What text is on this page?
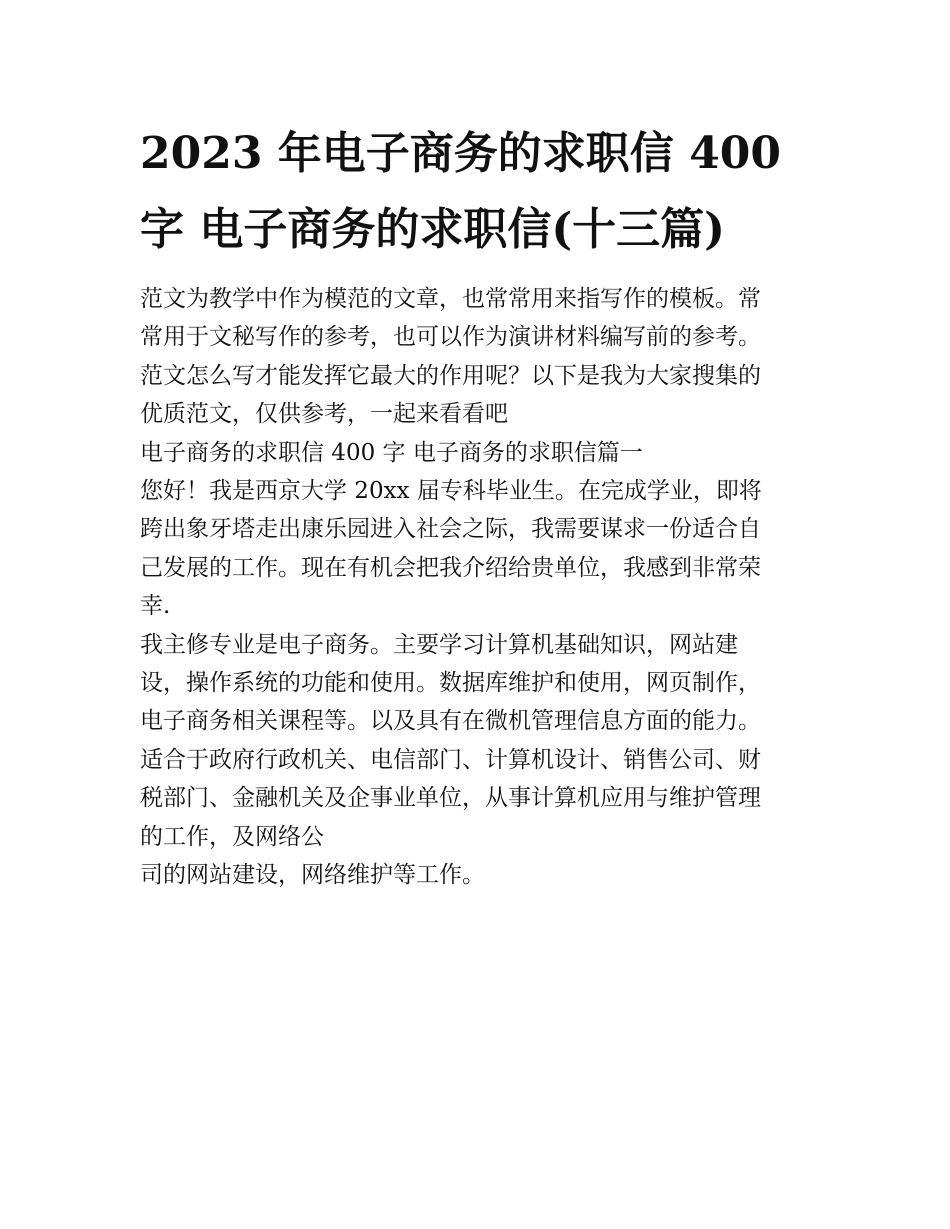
2023 年电子商务的求职信 400
字 电子商务的求职信(十三篇)
范文为教学中作为模范的文章，也常常用来指写作的模板。常
常用于文秘写作的参考，也可以作为演讲材料编写前的参考。
范文怎么写才能发挥它最大的作用呢？以下是我为大家搜集的
优质范文，仅供参考，一起来看看吧
电子商务的求职信 400 字 电子商务的求职信篇一
您好！我是西京大学 20xx 届专科毕业生。在完成学业，即将
跨出象牙塔走出康乐园进入社会之际，我需要谋求一份适合自
己发展的工作。现在有机会把我介绍给贵单位，我感到非常荣
幸.
我主修专业是电子商务。主要学习计算机基础知识，网站建
设，操作系统的功能和使用。数据库维护和使用，网页制作，
电子商务相关课程等。以及具有在微机管理信息方面的能力。
适合于政府行政机关、电信部门、计算机设计、销售公司、财
税部门、金融机关及企事业单位，从事计算机应用与维护管理
的工作，及网络公
司的网站建设，网络维护等工作。
